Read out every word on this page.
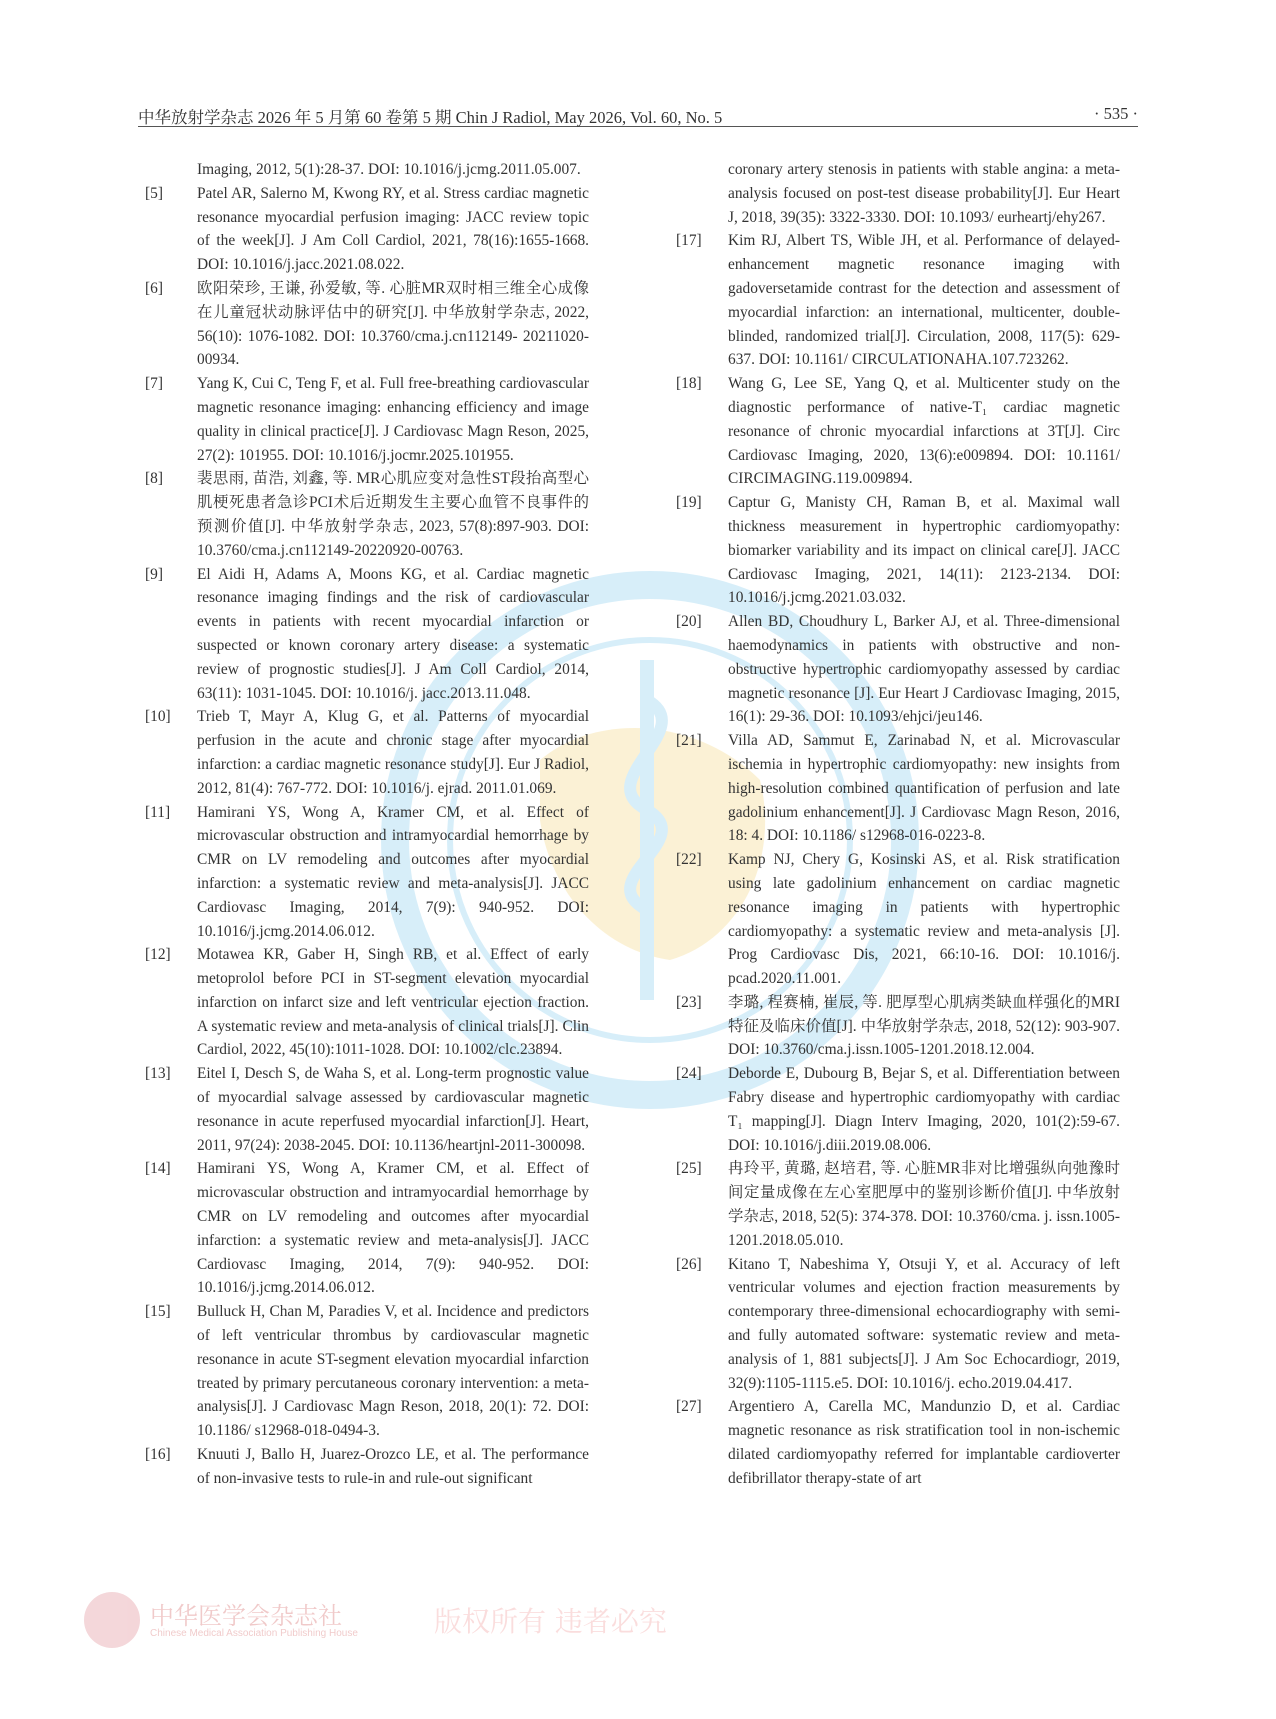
中华放射学杂志 2026 年 5 月第 60 卷第 5 期 Chin J Radiol, May 2026, Vol. 60, No. 5	· 535 ·
Imaging, 2012, 5(1):28-37. DOI: 10.1016/j.jcmg.2011.05.007.
[5] Patel AR, Salerno M, Kwong RY, et al. Stress cardiac magnetic resonance myocardial perfusion imaging: JACC review topic of the week[J]. J Am Coll Cardiol, 2021, 78(16):1655-1668. DOI: 10.1016/j.jacc.2021.08.022.
[6] 欧阳荣珍, 王谦, 孙爱敏, 等. 心脏MR双时相三维全心成像在儿童冠状动脉评估中的研究[J]. 中华放射学杂志, 2022, 56(10): 1076-1082. DOI: 10.3760/cma.j.cn112149- 20211020-00934.
[7] Yang K, Cui C, Teng F, et al. Full free-breathing cardiovascular magnetic resonance imaging: enhancing efficiency and image quality in clinical practice[J]. J Cardiovasc Magn Reson, 2025, 27(2): 101955. DOI: 10.1016/j.jocmr.2025.101955.
[8] 裴思雨, 苗浩, 刘鑫, 等. MR心肌应变对急性ST段抬高型心肌梗死患者急诊PCI术后近期发生主要心血管不良事件的预测价值[J]. 中华放射学杂志, 2023, 57(8):897-903. DOI: 10.3760/cma.j.cn112149-20220920-00763.
[9] El Aidi H, Adams A, Moons KG, et al. Cardiac magnetic resonance imaging findings and the risk of cardiovascular events in patients with recent myocardial infarction or suspected or known coronary artery disease: a systematic review of prognostic studies[J]. J Am Coll Cardiol, 2014, 63(11): 1031-1045. DOI: 10.1016/j. jacc.2013.11.048.
[10] Trieb T, Mayr A, Klug G, et al. Patterns of myocardial perfusion in the acute and chronic stage after myocardial infarction: a cardiac magnetic resonance study[J]. Eur J Radiol, 2012, 81(4): 767-772. DOI: 10.1016/j. ejrad. 2011.01.069.
[11] Hamirani YS, Wong A, Kramer CM, et al. Effect of microvascular obstruction and intramyocardial hemorrhage by CMR on LV remodeling and outcomes after myocardial infarction: a systematic review and meta-analysis[J]. JACC Cardiovasc Imaging, 2014, 7(9): 940-952. DOI: 10.1016/j.jcmg.2014.06.012.
[12] Motawea KR, Gaber H, Singh RB, et al. Effect of early metoprolol before PCI in ST-segment elevation myocardial infarction on infarct size and left ventricular ejection fraction. A systematic review and meta-analysis of clinical trials[J]. Clin Cardiol, 2022, 45(10):1011-1028. DOI: 10.1002/clc.23894.
[13] Eitel I, Desch S, de Waha S, et al. Long-term prognostic value of myocardial salvage assessed by cardiovascular magnetic resonance in acute reperfused myocardial infarction[J]. Heart, 2011, 97(24): 2038-2045. DOI: 10.1136/heartjnl-2011-300098.
[14] Hamirani YS, Wong A, Kramer CM, et al. Effect of microvascular obstruction and intramyocardial hemorrhage by CMR on LV remodeling and outcomes after myocardial infarction: a systematic review and meta-analysis[J]. JACC Cardiovasc Imaging, 2014, 7(9): 940-952. DOI: 10.1016/j.jcmg.2014.06.012.
[15] Bulluck H, Chan M, Paradies V, et al. Incidence and predictors of left ventricular thrombus by cardiovascular magnetic resonance in acute ST-segment elevation myocardial infarction treated by primary percutaneous coronary intervention: a meta-analysis[J]. J Cardiovasc Magn Reson, 2018, 20(1): 72. DOI: 10.1186/ s12968-018-0494-3.
[16] Knuuti J, Ballo H, Juarez-Orozco LE, et al. The performance of non-invasive tests to rule-in and rule-out significant
coronary artery stenosis in patients with stable angina: a meta-analysis focused on post-test disease probability[J]. Eur Heart J, 2018, 39(35): 3322-3330. DOI: 10.1093/ eurheartj/ehy267.
[17] Kim RJ, Albert TS, Wible JH, et al. Performance of delayed-enhancement magnetic resonance imaging with gadoversetamide contrast for the detection and assessment of myocardial infarction: an international, multicenter, double-blinded, randomized trial[J]. Circulation, 2008, 117(5): 629-637. DOI: 10.1161/ CIRCULATIONAHA.107.723262.
[18] Wang G, Lee SE, Yang Q, et al. Multicenter study on the diagnostic performance of native-T₁ cardiac magnetic resonance of chronic myocardial infarctions at 3T[J]. Circ Cardiovasc Imaging, 2020, 13(6):e009894. DOI: 10.1161/ CIRCIMAGING.119.009894.
[19] Captur G, Manisty CH, Raman B, et al. Maximal wall thickness measurement in hypertrophic cardiomyopathy: biomarker variability and its impact on clinical care[J]. JACC Cardiovasc Imaging, 2021, 14(11): 2123-2134. DOI: 10.1016/j.jcmg.2021.03.032.
[20] Allen BD, Choudhury L, Barker AJ, et al. Three-dimensional haemodynamics in patients with obstructive and non-obstructive hypertrophic cardiomyopathy assessed by cardiac magnetic resonance [J]. Eur Heart J Cardiovasc Imaging, 2015, 16(1): 29-36. DOI: 10.1093/ehjci/jeu146.
[21] Villa AD, Sammut E, Zarinabad N, et al. Microvascular ischemia in hypertrophic cardiomyopathy: new insights from high-resolution combined quantification of perfusion and late gadolinium enhancement[J]. J Cardiovasc Magn Reson, 2016, 18: 4. DOI: 10.1186/ s12968-016-0223-8.
[22] Kamp NJ, Chery G, Kosinski AS, et al. Risk stratification using late gadolinium enhancement on cardiac magnetic resonance imaging in patients with hypertrophic cardiomyopathy: a systematic review and meta-analysis [J]. Prog Cardiovasc Dis, 2021, 66:10-16. DOI: 10.1016/j. pcad.2020.11.001.
[23] 李璐, 程赛楠, 崔辰, 等. 肥厚型心肌病类缺血样强化的MRI特征及临床价值[J]. 中华放射学杂志, 2018, 52(12): 903-907. DOI: 10.3760/cma.j.issn.1005-1201.2018.12.004.
[24] Deborde E, Dubourg B, Bejar S, et al. Differentiation between Fabry disease and hypertrophic cardiomyopathy with cardiac T₁ mapping[J]. Diagn Interv Imaging, 2020, 101(2):59-67. DOI: 10.1016/j.diii.2019.08.006.
[25] 冉玲平, 黄璐, 赵培君, 等. 心脏MR非对比增强纵向弛豫时间定量成像在左心室肥厚中的鉴别诊断价值[J]. 中华放射学杂志, 2018, 52(5): 374-378. DOI: 10.3760/cma. j. issn.1005-1201.2018.05.010.
[26] Kitano T, Nabeshima Y, Otsuji Y, et al. Accuracy of left ventricular volumes and ejection fraction measurements by contemporary three-dimensional echocardiography with semi-and fully automated software: systematic review and meta-analysis of 1, 881 subjects[J]. J Am Soc Echocardiogr, 2019, 32(9):1105-1115.e5. DOI: 10.1016/j. echo.2019.04.417.
[27] Argentiero A, Carella MC, Mandunzio D, et al. Cardiac magnetic resonance as risk stratification tool in non-ischemic dilated cardiomyopathy referred for implantable cardioverter defibrillator therapy-state of art
中华医学会杂志社
Chinese Medical Association Publishing House	版权所有 违者必究
